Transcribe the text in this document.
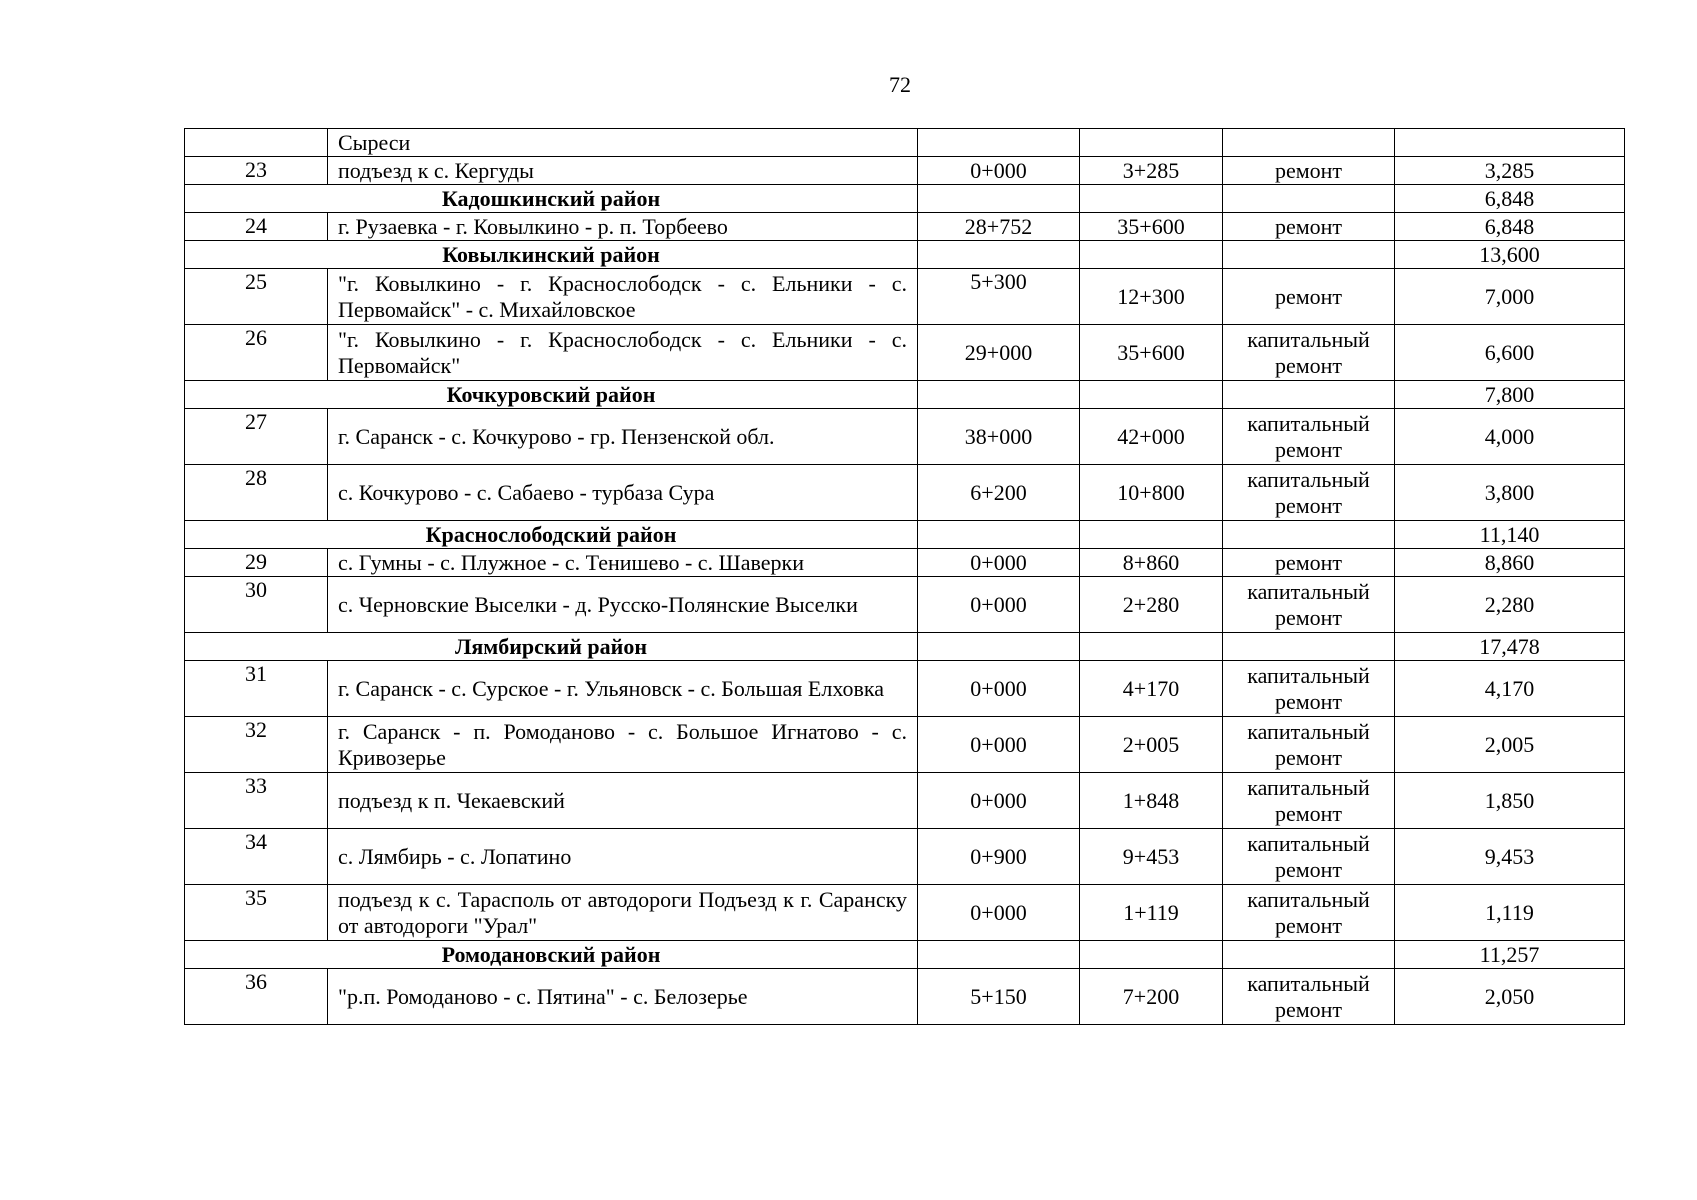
72
	Сыреси				
23	подъезд к с. Кергуды	0+000	3+285	ремонт	3,285
Кадошкинский район					6,848
24	г. Рузаевка - г. Ковылкино - р. п. Торбеево	28+752	35+600	ремонт	6,848
Ковылкинский район					13,600
25	"г. Ковылкино - г. Краснослободск - с. Ельники - с. Первомайск" - с. Михайловское	5+300	12+300	ремонт	7,000
26	"г. Ковылкино - г. Краснослободск - с. Ельники - с. Первомайск"	29+000	35+600	капитальный ремонт	6,600
Кочкуровский район					7,800
27	г. Саранск - с. Кочкурово - гр. Пензенской обл.	38+000	42+000	капитальный ремонт	4,000
28	с. Кочкурово - с. Сабаево - турбаза Сура	6+200	10+800	капитальный ремонт	3,800
Краснослободский район					11,140
29	с. Гумны - с. Плужное - с. Тенишево - с. Шаверки	0+000	8+860	ремонт	8,860
30	с. Черновские Выселки - д. Русско-Полянские Выселки	0+000	2+280	капитальный ремонт	2,280
Лямбирский район					17,478
31	г. Саранск - с. Сурское - г. Ульяновск - с. Большая Елховка	0+000	4+170	капитальный ремонт	4,170
32	г. Саранск - п. Ромоданово - с. Большое Игнатово - с. Кривозерье	0+000	2+005	капитальный ремонт	2,005
33	подъезд к п. Чекаевский	0+000	1+848	капитальный ремонт	1,850
34	с. Лямбирь - с. Лопатино	0+900	9+453	капитальный ремонт	9,453
35	подъезд к с. Тарасполь от автодороги Подъезд к г. Саранску от автодороги "Урал"	0+000	1+119	капитальный ремонт	1,119
Ромодановский район					11,257
36	"р.п. Ромоданово - с. Пятина" - с. Белозерье	5+150	7+200	капитальный ремонт	2,050
